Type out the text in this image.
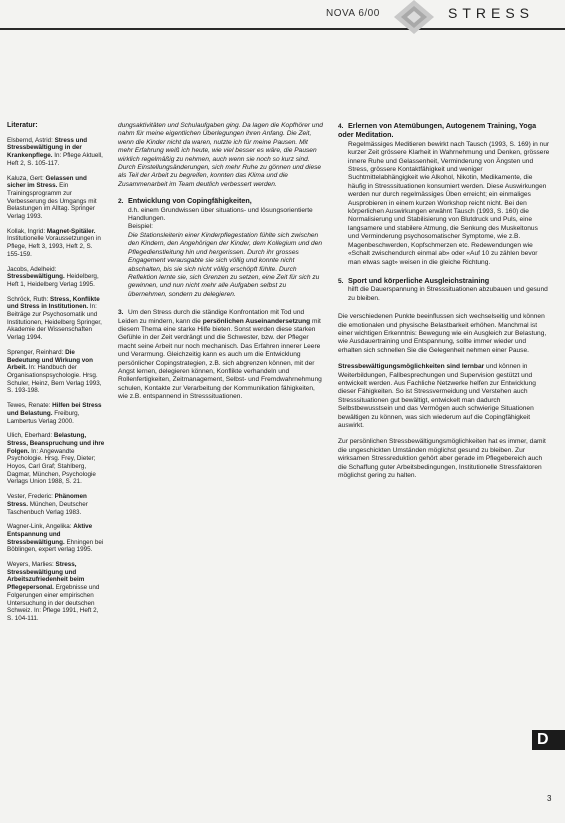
NOVA 6/00	STRESS
Literatur:
Elsbernd, Astrid: Stress und Stressbewältigung in der Krankenpflege. In: Pflege Aktuell, Heft 2, S. 105-117.
Kaluza, Gert: Gelassen und sicher im Stress. Ein Trainingsprogramm zur Verbesserung des Umgangs mit Belastungen im Alltag. Springer Verlag 1993.
Kollak, Ingrid: Magnet-Spitäler. Institutionelle Voraussetzungen in Pflege, Heft 3, 1993, Heft 2, S. 155-159.
Jacobs, Adelheid: Stressbewältigung. Heidelberg, Heft 1, Heidelberg Verlag 1995.
Schröck, Ruth: Stress, Konflikte und Stress in Institutionen. In: Beiträge zur Psychosomatik und Institutionen, Heidelberg Springer, Akademie der Wissenschaften Verlag 1994.
Sprenger, Reinhard: Die Bedeutung und Wirkung von Arbeit. In: Handbuch der Organisationspsychologie. Hrsg. Schuler, Heinz, Bern Verlag 1993, S. 193-198.
Tewes, Renate: Hilfen bei Stress und Belastung. Freiburg, Lambertus Verlag 2000.
Ulich, Eberhard: Belastung, Stress, Beanspruchung und ihre Folgen. In: Angewandte Psychologie. Hrsg. Frey, Dieter; Hoyos, Carl Graf; Stahlberg, Dagmar, München, Psychologie Verlags Union 1988, S. 21.
Vester, Frederic: Phänomen Stress. München, Deutscher Taschenbuch Verlag 1983.
Wagner-Link, Angelika: Aktive Entspannung und Stressbewältigung. Ehningen bei Böblingen, expert verlag 1995.
Weyers, Marlies: Stress, Stressbewältigung und Arbeitszufriedenheit beim Pflegepersonal. Ergebnisse und Folgerungen einer empirischen Untersuchung in der deutschen Schweiz. In: Pflege 1991, Heft 2, S. 104-111.

dungsaktivitäten und Schulaufgaben ging. Da lagen die Kopfhörer und nahm für meine eigentlichen Überlegungen ihren Anfang. Die Zeit, wenn die Kinder nicht da waren, nutzte ich für meine Pausen. Mit mehr Erfahrung weiß ich heute, wie viel besser es wäre, die Pausen wirklich regelmäßig zu nehmen, auch wenn sie noch so kurz sind. Durch Einstellungsänderungen, sich mehr Ruhe zu gönnen und diese als Teil der Arbeit zu begreifen, konnten das Klima und die Zusammenarbeit im Team deutlich verbessert werden.

2. Entwicklung von Copingfähigkeiten,
d.h. einem Grundwissen über situations- und lösungsorientierte Handlungen.
Beispiel:
Die Stationsleiterin einer Kinderpflegestation fühlte sich zwischen den Kindern, den Angehörigen der Kinder, dem Kollegium und den Pflegedienstleitung hin und hergerissen. Durch ihr grosses Engagement verausgabte sie sich völlig und konnte nicht abschalten, bis sie sich nicht völlig erschöpft fühlte. Durch Reflektion lernte sie, sich Grenzen zu setzen, eine Zeit für sich zu gewinnen, und nun nicht mehr alle Aufgaben selbst zu übernehmen, sondern zu delegieren.
3. Um den Stress durch die ständige Konfrontation mit Tod und Leiden zu mindern, kann die persönlichen Auseinandersetzung mit diesem Thema eine starke Hilfe bieten. Sonst werden diese starken Gefühle in der Zeit verdrängt und die Schwester, bzw. der Pfleger macht seine Arbeit nur noch mechanisch. Das Erfahren innerer Leere und Verarmung. Gleichzeitig kann es auch um die Entwicklung persönlicher Copingstrategien, z.B. sich abgrenzen können, mit der Angst lernen, delegieren können, Konflikte verhandeln und Rollenfertigkeiten, Zeitmanagement, Selbst- und Fremdwahrnehmung schulen, Kontakte zur Verarbeitung der Kommunikation fähigkeiten, wie z.B. entspannend in Stresssituationen.
4. Erlernen von Atemübungen, Autogenem Training, Yoga oder Meditation.
Regelmässiges Meditieren bewirkt nach Tausch (1993, S. 169) in nur kurzer Zeit grössere Klarheit in Wahrnehmung und Denken, grössere innere Ruhe und Gelassenheit, Verminderung von Ängsten und Stress, grössere Kontaktfähigkeit und weniger Suchtmittelabhängigkeit wie Alkohol, Nikotin, Medikamente, die häufig in Stresssituationen konsumiert werden. Diese Auswirkungen werden nur durch regelmässiges Üben erreicht; ein einmaliges Ausprobieren in einem kurzen Workshop reicht nicht. Bei den körperlichen Auswirkungen erwähnt Tausch (1993, S. 160) die Normalisierung und Stabilisierung von Blutdruck und Puls, eine langsamere und stabilere Atmung, die Senkung des Muskeltonus und Verminderung psychosomatischer Symptome, wie z.B. Magenbeschwerden, Kopfschmerzen etc. Redewendungen wie «Schalt zwischendurch einmal ab» oder «Auf 10 zu zählen bevor man etwas sagt» weisen in die gleiche Richtung.
5. Sport und körperliche Ausgleichstraining
hilft die Dauerspannung in Stresssituationen abzubauen und gesund zu bleiben.

Die verschiedenen Punkte beeinflussen sich wechselseitig und können die emotionalen und physische Belastbarkeit erhöhen. Manchmal ist einer wichtigen Erkenntnis: Bewegung wie ein Ausgleich zur Belastung, wie Ausdauertraining und Entspannung, sollte immer wieder und erhalten sich schnellen Sie die Gelegenheit nehmen einer Pause.

Stressbewältigungsmöglichkeiten sind lernbar und können in Weiterbildungen, Fallbesprechungen und Supervision gestützt und entwickelt werden. Aus Fachliche Netzwerke helfen zur Entwicklung dieser Fähigkeiten. So ist Stressvermeidung und Verstehen auch Stresssituationen gut bewältigt, entwickelt man dadurch Selbstbewusstsein und das Vermögen auch schwierige Situationen bewältigen zu können, was sich wiederum auf die Copingfähigkeit auswirkt.

Zur persönlichen Stressbewältigungsmöglichkeiten hat es immer, damit die ungeschickten Umständen möglichst gesund zu bleiben. Zur wirksamen Stressreduktion gehört aber gerade im Pflegebereich auch die Schaffung guter Arbeitsbedingungen, Institutionelle Stressfaktoren möglichst gering zu halten.

D
3
